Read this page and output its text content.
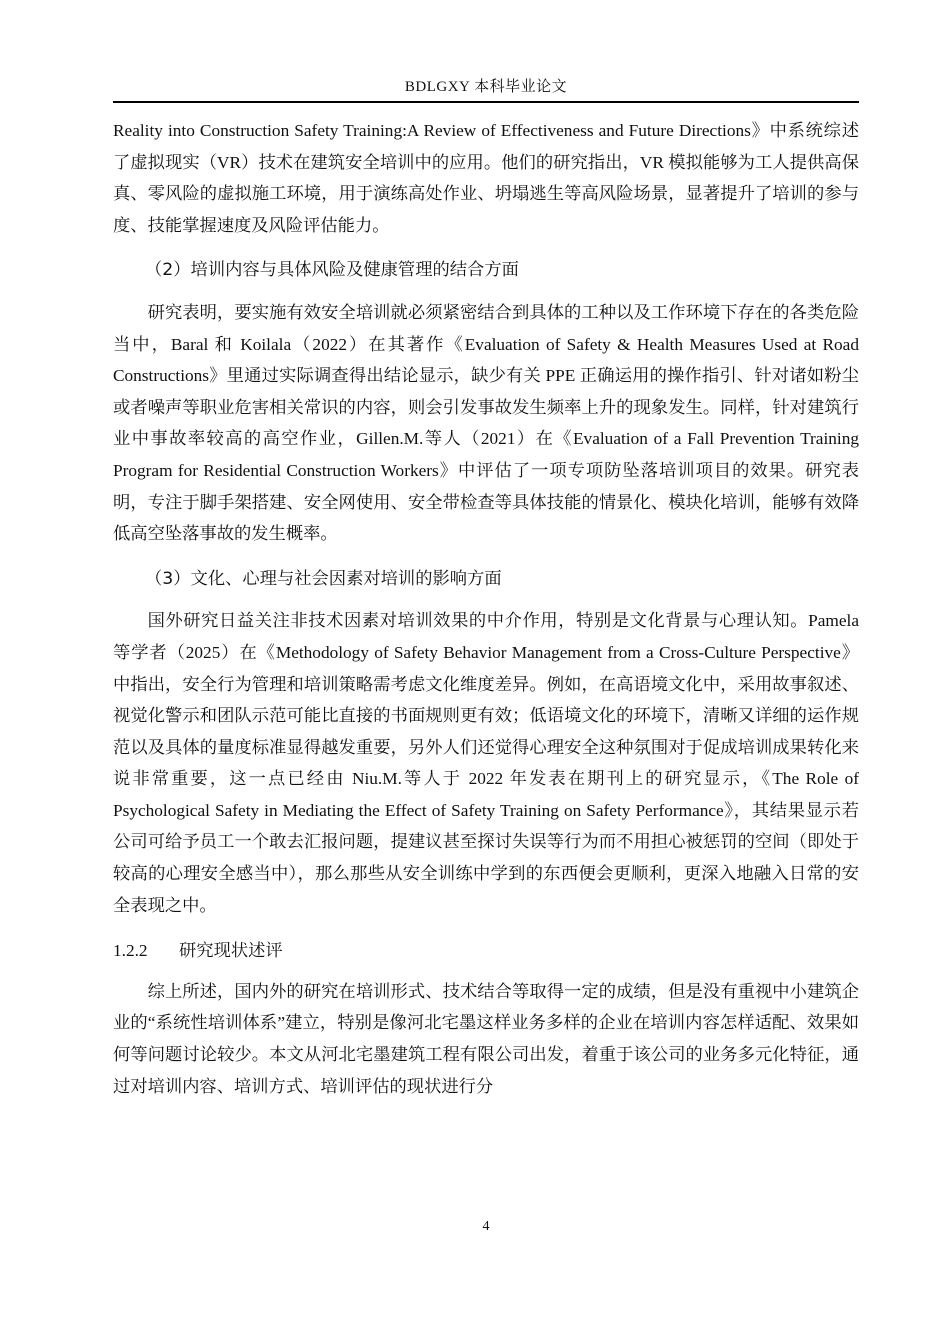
BDLGXY 本科毕业论文

Reality into Construction Safety Training:A Review of Effectiveness and Future Directions》中系统综述了虚拟现实（VR）技术在建筑安全培训中的应用。他们的研究指出，VR 模拟能够为工人提供高保真、零风险的虚拟施工环境，用于演练高处作业、坍塌逃生等高风险场景，显著提升了培训的参与度、技能掌握速度及风险评估能力。

（2）培训内容与具体风险及健康管理的结合方面

研究表明，要实施有效安全培训就必须紧密结合到具体的工种以及工作环境下存在的各类危险当中，Baral 和 Koilala（2022）在其著作《Evaluation of Safety & Health Measures Used at Road Constructions》里通过实际调查得出结论显示，缺少有关 PPE 正确运用的操作指引、针对诸如粉尘或者噪声等职业危害相关常识的内容，则会引发事故发生频率上升的现象发生。同样，针对建筑行业中事故率较高的高空作业，Gillen.M.等人（2021）在《Evaluation of a Fall Prevention Training Program for Residential Construction Workers》中评估了一项专项防坠落培训项目的效果。研究表明，专注于脚手架搭建、安全网使用、安全带检查等具体技能的情景化、模块化培训，能够有效降低高空坠落事故的发生概率。

（3）文化、心理与社会因素对培训的影响方面

国外研究日益关注非技术因素对培训效果的中介作用，特别是文化背景与心理认知。Pamela 等学者（2025）在《Methodology of Safety Behavior Management from a Cross-Culture Perspective》中指出，安全行为管理和培训策略需考虑文化维度差异。例如，在高语境文化中，采用故事叙述、视觉化警示和团队示范可能比直接的书面规则更有效；低语境文化的环境下，清晰又详细的运作规范以及具体的量度标准显得越发重要，另外人们还觉得心理安全这种氛围对于促成培训成果转化来说非常重要，这一点已经由 Niu.M.等人于 2022 年发表在期刊上的研究显示，《The Role of Psychological Safety in Mediating the Effect of Safety Training on Safety Performance》，其结果显示若公司可给予员工一个敢去汇报问题，提建议甚至探讨失误等行为而不用担心被惩罚的空间（即处于较高的心理安全感当中），那么那些从安全训练中学到的东西便会更顺利，更深入地融入日常的安全表现之中。

1.2.2 研究现状述评

综上所述，国内外的研究在培训形式、技术结合等取得一定的成绩，但是没有重视中小建筑企业的“系统性培训体系”建立，特别是像河北宅墨这样业务多样的企业在培训内容怎样适配、效果如何等问题讨论较少。本文从河北宅墨建筑工程有限公司出发，着重于该公司的业务多元化特征，通过对培训内容、培训方式、培训评估的现状进行分

4
